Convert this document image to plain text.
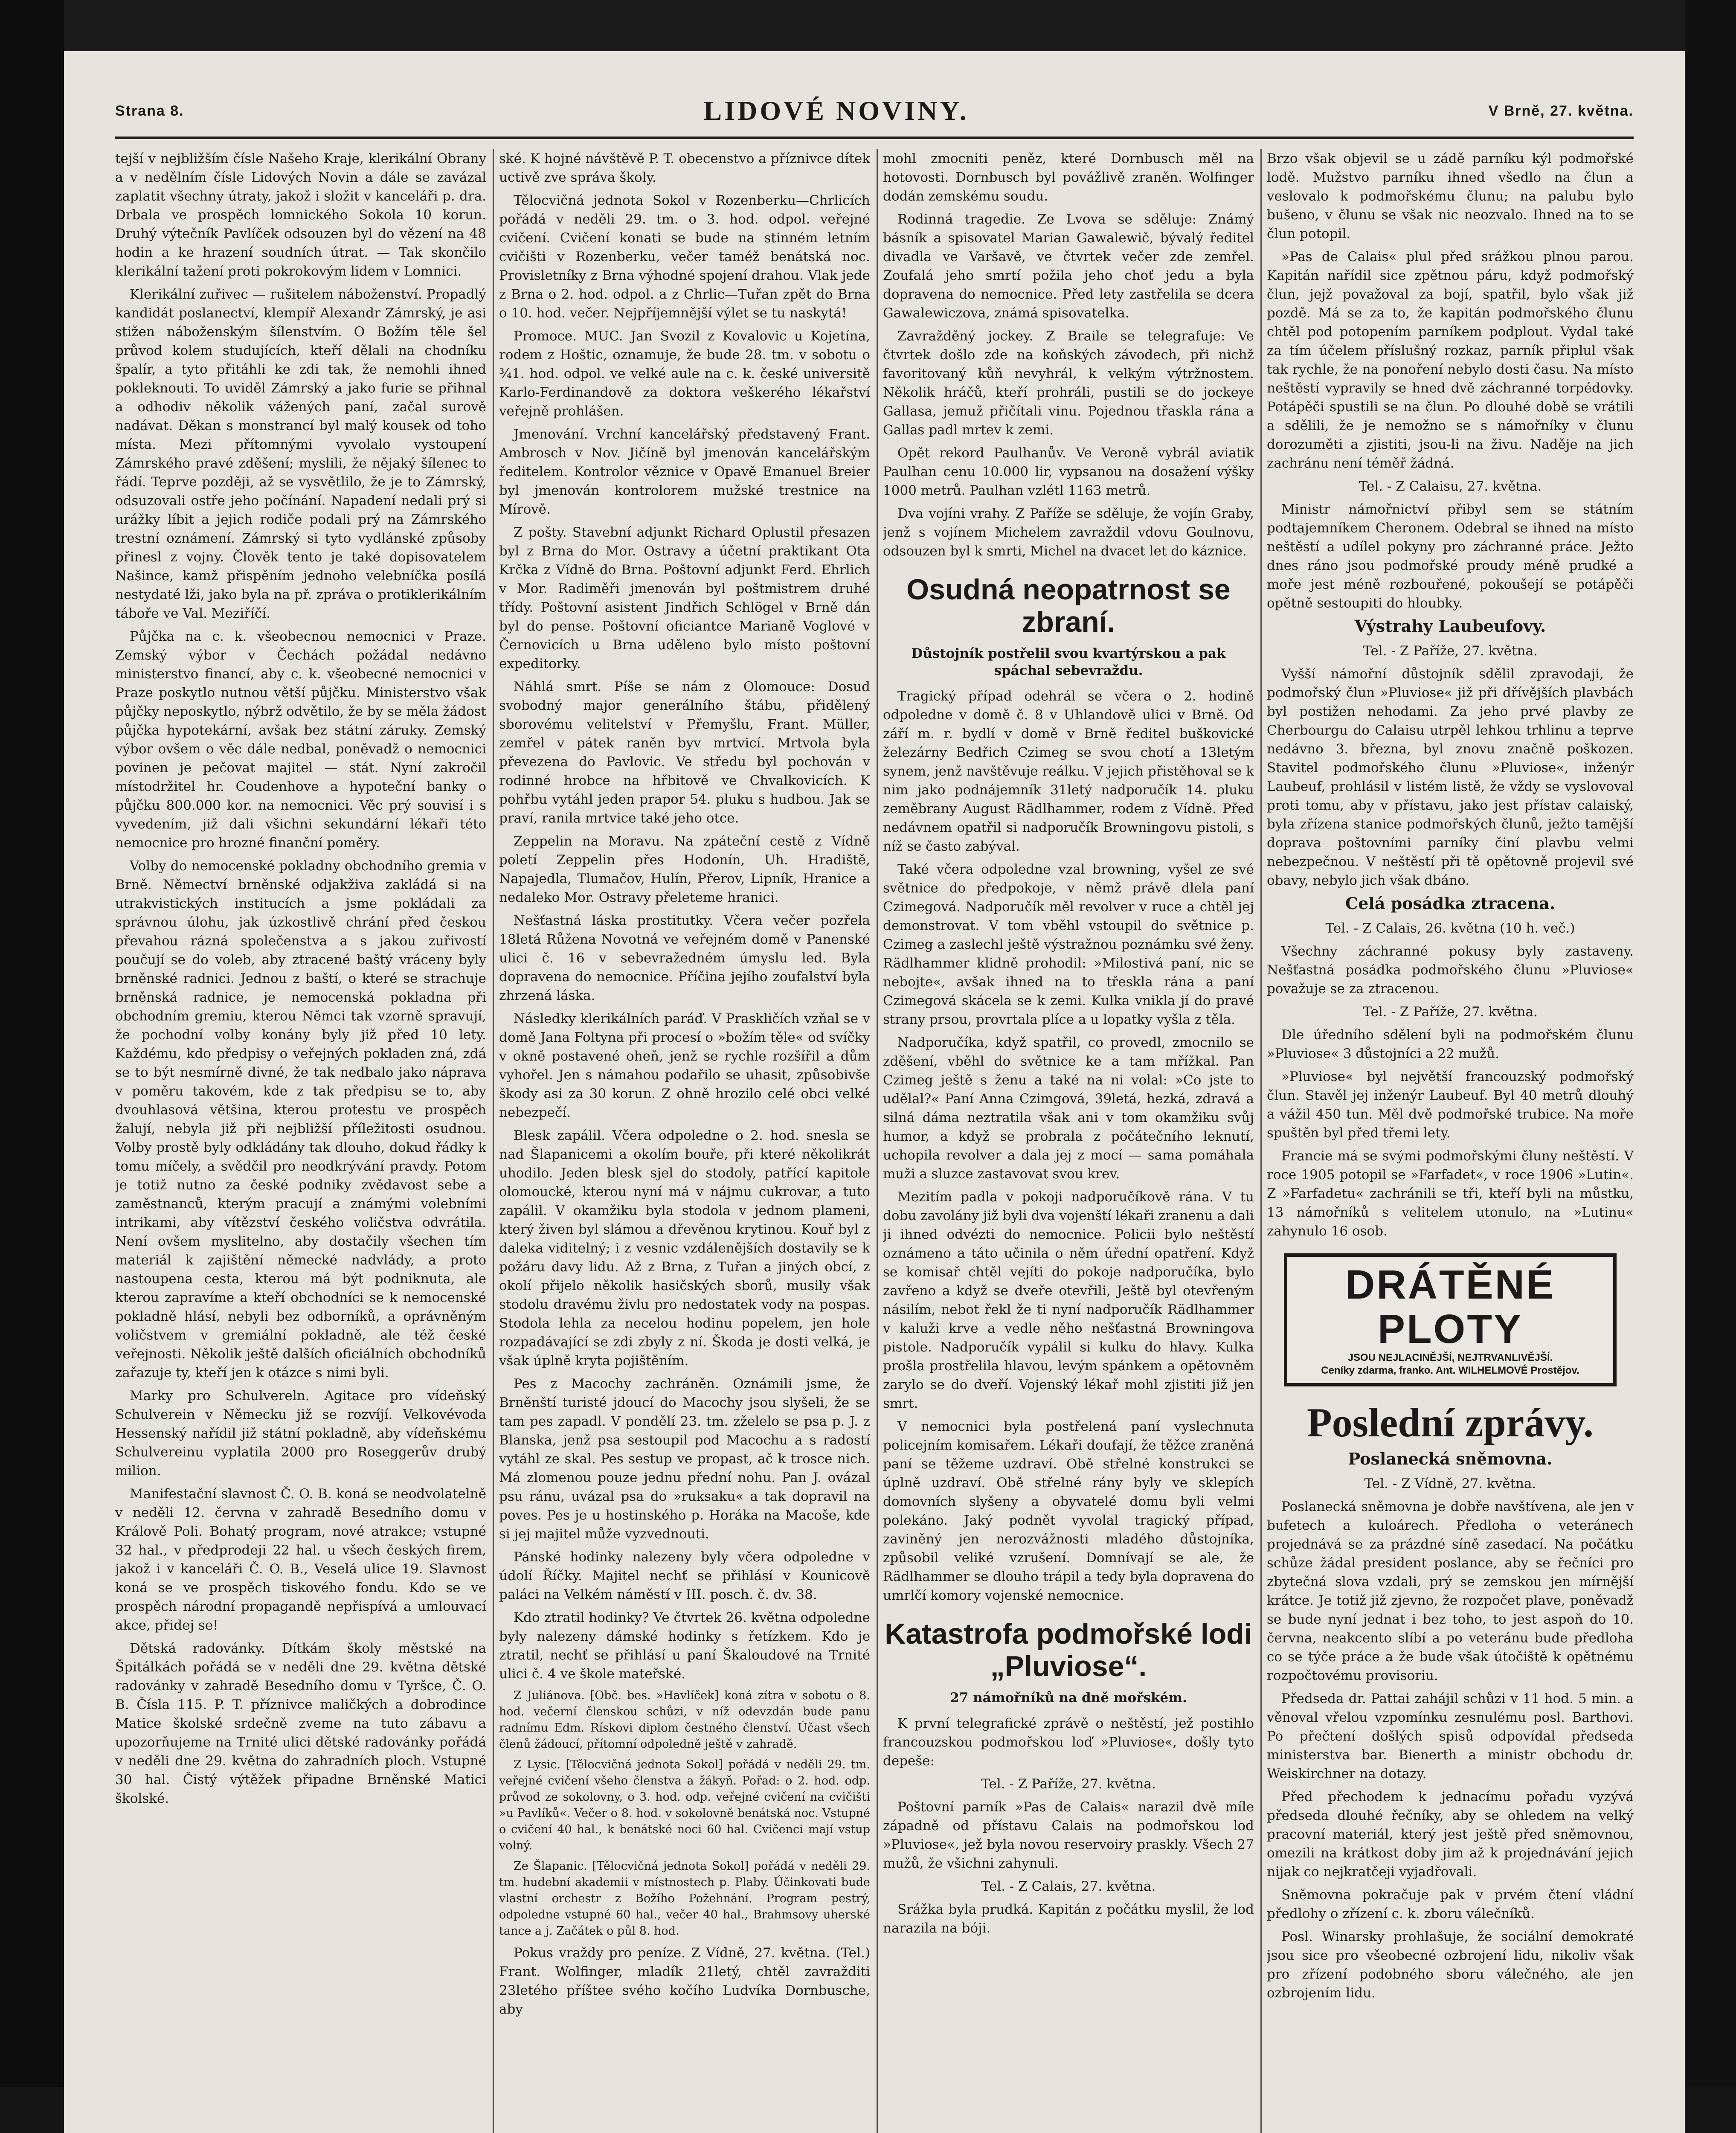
Strana 8.	LIDOVÉ NOVINY.	V Brně, 27. května.

tejší v nejbližším čísle Našeho Kraje, klerikální Obrany a v nedělním čísle Lidových Novin a dále se zavázal zaplatit všechny útraty, jakož i složit v kanceláři p. dra. Drbala ve prospěch lomnického Sokola 10 korun. Druhý výtečník Pavlíček odsouzen byl do vězení na 48 hodin a ke hrazení soudních útrat. — Tak skončilo klerikální tažení proti pokrokovým lidem v Lomnici.

Klerikální zuřivec — rušitelem náboženství. Propadlý kandidát poslanectví, klempíř Alexandr Zámrský, je asi stižen náboženským šílenstvím. O Božím těle šel průvod kolem studujících, kteří dělali na chodníku špalír, a tyto přitáhli ke zdi tak, že nemohli ihned pokleknouti. To uviděl Zámrský a jako furie se přihnal a odhodiv několik vážených paní, začal surově nadávat. Děkan s monstrancí byl malý kousek od toho místa. Mezi přítomnými vyvolalo vystoupení Zámrského pravé zděšení; myslili, že nějaký šílenec to řádí. Teprve později, až se vysvětlilo, že je to Zámrský, odsuzovali ostře jeho počínání. Napadení nedali prý si urážky líbit a jejich rodiče podali prý na Zámrského trestní oznámení. Zámrský si tyto vydlánské způsoby přinesl z vojny. Člověk tento je také dopisovatelem Našince, kamž přispěním jednoho velebníčka posílá nestydaté lži, jako byla na př. zpráva o protiklerikálním táboře ve Val. Meziříčí.

Půjčka na c. k. všeobecnou nemocnici v Praze. Zemský výbor v Čechách požádal nedávno ministerstvo financí, aby c. k. všeobecné nemocnici v Praze poskytlo nutnou větší půjčku. Ministerstvo však půjčky neposkytlo, nýbrž odvětilo, že by se měla žádost půjčka hypotekární, avšak bez státní záruky. Zemský výbor ovšem o věc dále nedbal, poněvadž o nemocnici povinen je pečovat majitel — stát. Nyní zakročil místodržitel hr. Coudenhove a hypoteční banky o půjčku 800.000 kor. na nemocnici. Věc prý souvisí i s vyvedením, již dali všichni sekundární lékaři této nemocnice pro hrozné finanční poměry.

Volby do nemocenské pokladny obchodního gremia v Brně. Němectví brněnské odjakživa zakládá si na utrakvistických institucích a jsme pokládali za správnou úlohu, jak úzkostlivě chrání před českou převahou rázná společenstva a s jakou zuřivostí poučují se do voleb, aby ztracené baštý vráceny byly brněnské radnici. Jednou z baští, o které se strachuje brněnská radnice, je nemocenská pokladna při obchodním gremiu, kterou Němci tak vzorně spravují, že pochodní volby konány byly již před 10 lety. Každému, kdo předpisy o veřejných pokladen zná, zdá se to být nesmírně divné, že tak nedbalo jako náprava v poměru takovém, kde z tak předpisu se to, aby dvouhlasová většina, kterou protestu ve prospěch žalují, nebyla již při nejbližší příležitosti osudnou. Volby prostě byly odkládány tak dlouho, dokud řádky k tomu míčely, a svědčil pro neodkrývání pravdy. Potom je totiž nutno za české podniky zvědavost sebe a zaměstnanců, kterým pracují a známými volebními intrikami, aby vítězství českého voličstva odvrátila. Není ovšem myslitelno, aby dostačily všechen tím materiál k zajištění německé nadvlády, a proto nastoupena cesta, kterou má být podniknuta, ale kterou zapravíme a kteří obchodníci se k nemocenské pokladně hlásí, nebyli bez odborníků, a oprávněným voličstvem v gremiální pokladně, ale též české veřejnosti. Několik ještě dalších oficiálních obchodníků zařazuje ty, kteří jen k otázce s nimi byli.

Marky pro Schulvereln. Agitace pro vídeňský Schulverein v Německu již se rozvíjí. Velkovévoda Hessenský nařídil již státní pokladně, aby vídeňskému Schulvereinu vyplatila 2000 pro Roseggerův drubý milion.

Manifestační slavnost Č. O. B. koná se neodvolatelně v neděli 12. června v zahradě Besedního domu v Králově Poli. Bohatý program, nové atrakce; vstupné 32 hal., v předprodeji 22 hal. u všech českých firem, jakož i v kanceláři Č. O. B., Veselá ulice 19. Slavnost koná se ve prospěch tiskového fondu. Kdo se ve prospěch národní propagandě nepřispívá a umlouvací akce, přidej se!

Dětská radovánky. Dítkám školy městské na Špitálkách pořádá se v neděli dne 29. května dětské radovánky v zahradě Besedního domu v Tyršce, Č. O. B. Čísla 115. P. T. příznivce maličkých a dobrodince Matice školské srdečně zveme na tuto zábavu a upozorňujeme na Trnité ulici dětské radovánky pořádá v neděli dne 29. května do zahradních ploch. Vstupné 30 hal. Čistý výtěžek připadne Brněnské Matici školské.

ské. K hojné návštěvě P. T. obecenstvo a příznivce dítek uctivě zve správa školy.

Tělocvičná jednota Sokol v Rozenberku—Chrlicích pořádá v neděli 29. tm. o 3. hod. odpol. veřejné cvičení. Cvičení konati se bude na stinném letním cvičišti v Rozenberku, večer taméž benátská noc. Provisletníky z Brna výhodné spojení drahou. Vlak jede z Brna o 2. hod. odpol. a z Chrlic—Tuřan zpět do Brna o 10. hod. večer. Nejpříjemnější výlet se tu naskytá!

Promoce. MUC. Jan Svozil z Kovalovic u Kojetína, rodem z Hoštic, oznamuje, že bude 28. tm. v sobotu o ¾1. hod. odpol. ve velké aule na c. k. české universitě Karlo-Ferdinandově za doktora veškerého lékařství veřejně prohlášen.

Jmenování. Vrchní kancelářský představený Frant. Ambrosch v Nov. Jičíně byl jmenován kancelářským ředitelem. Kontrolor věznice v Opavě Emanuel Breier byl jmenován kontrolorem mužské trestnice na Mírově.

Z pošty. Stavební adjunkt Richard Oplustil přesazen byl z Brna do Mor. Ostravy a účetní praktikant Ota Krčka z Vídně do Brna. Poštovní adjunkt Ferd. Ehrlich v Mor. Radiměři jmenován byl poštmistrem druhé třídy. Poštovní asistent Jindřich Schlögel v Brně dán byl do pense. Poštovní oficiantce Marianě Voglové v Černovicích u Brna uděleno bylo místo poštovní expeditorky.

Náhlá smrt. Píše se nám z Olomouce: Dosud svobodný major generálního štábu, přidělený sborovému velitelství v Přemyšlu, Frant. Müller, zemřel v pátek raněn byv mrtvicí. Mrtvola byla převezena do Pavlovic. Ve středu byl pochován v rodinné hrobce na hřbitově ve Chvalkovicích. K pohřbu vytáhl jeden prapor 54. pluku s hudbou. Jak se praví, ranila mrtvice také jeho otce.

Zeppelin na Moravu. Na zpáteční cestě z Vídně poletí Zeppelin přes Hodonín, Uh. Hradiště, Napajedla, Tlumačov, Hulín, Přerov, Lipník, Hranice a nedaleko Mor. Ostravy přeleteme hranici.

Nešťastná láska prostitutky. Včera večer pozřela 18letá Růžena Novotná ve veřejném domě v Panenské ulici č. 16 v sebevražedném úmyslu led. Byla dopravena do nemocnice. Příčina jejího zoufalství byla zhrzená láska.

Následky klerikálních paráď. V Praskličích vzňal se v domě Jana Foltyna při procesí o »božím těle« od svíčky v okně postavené oheň, jenž se rychle rozšířil a dům vyhořel. Jen s námahou podařilo se uhasit, způsobivše škody asi za 30 korun. Z ohně hrozilo celé obci velké nebezpečí.

Blesk zapálil. Včera odpoledne o 2. hod. snesla se nad Šlapanicemi a okolím bouře, při které několikrát uhodilo. Jeden blesk sjel do stodoly, patřící kapitole olomoucké, kterou nyní má v nájmu cukrovar, a tuto zapálil. V okamžiku byla stodola v jednom plameni, který živen byl slámou a dřevěnou krytinou. Kouř byl z daleka viditelný; i z vesnic vzdálenějších dostavily se k požáru davy lidu. Až z Brna, z Tuřan a jiných obcí, z okolí přijelo několik hasičských sborů, musily však stodolu dravému živlu pro nedostatek vody na pospas. Stodola lehla za necelou hodinu popelem, jen hole rozpadávající se zdi zbyly z ní. Škoda je dosti velká, je však úplně kryta pojištěním.

Pes z Macochy zachráněn. Oznámili jsme, že Brněnští turisté jdoucí do Macochy jsou slyšeli, že se tam pes zapadl. V pondělí 23. tm. zželelo se psa p. J. z Blanska, jenž psa sestoupil pod Macochu a s radostí vytáhl ze skal. Pes sestup ve propast, ač k trosce nich. Má zlomenou pouze jednu přední nohu. Pan J. ovázal psu ránu, uvázal psa do »ruksaku« a tak dopravil na poves. Pes je u hostinského p. Horáka na Macoše, kde si jej majitel může vyzvednouti.

Pánské hodinky nalezeny byly včera odpoledne v údolí Říčky. Majitel nechť se přihlásí v Kounicově paláci na Velkém náměstí v III. posch. č. dv. 38.

Kdo ztratil hodinky? Ve čtvrtek 26. května odpoledne byly nalezeny dámské hodinky s řetízkem. Kdo je ztratil, nechť se přihlásí u paní Škaloudové na Trnité ulici č. 4 ve škole mateřské.

Z Juliánova. [Obč. bes. »Havlíček] koná zítra v sobotu o 8. hod. večerní členskou schůzi, v níž odevzdán bude panu radnímu Edm. Rískovi diplom čestného členství. Účast všech členů žádoucí, přítomní odpoledně ještě v zahradě.

Z Lysic. [Tělocvičná jednota Sokol] pořádá v neděli 29. tm. veřejné cvičení všeho členstva a žákyň. Pořad: o 2. hod. odp. průvod ze sokolovny, o 3. hod. odp. veřejné cvičení na cvičišti »u Pavlíků«. Večer o 8. hod. v sokolovně benátská noc. Vstupné o cvičení 40 hal., k benátské noci 60 hal. Cvičenci mají vstup volný.

Ze Šlapanic. [Tělocvičná jednota Sokol] pořádá v neděli 29. tm. hudební akademii v místnostech p. Plaby. Účinkovati bude vlastní orchestr z Božího Požehnání. Program pestrý, odpoledne vstupné 60 hal., večer 40 hal., Brahmsovy uherské tance a j. Začátek o půl 8. hod.

Pokus vraždy pro peníze. Z Vídně, 27. května. (Tel.) Frant. Wolfinger, mladík 21letý, chtěl zavražditi 23letého příštee svého kočího Ludvíka Dornbusche, aby

mohl zmocniti peněz, které Dornbusch měl na hotovosti. Dornbusch byl povážlivě zraněn. Wolfinger dodán zemskému soudu.

Rodinná tragedie. Ze Lvova se sděluje: Známý básník a spisovatel Marian Gawalewič, bývalý ředitel divadla ve Varšavě, ve čtvrtek večer zde zemřel. Zoufalá jeho smrtí požila jeho choť jedu a byla dopravena do nemocnice. Před lety zastřelila se dcera Gawalewiczova, známá spisovatelka.

Zavražděný jockey. Z Braile se telegrafuje: Ve čtvrtek došlo zde na koňských závodech, při nichž favoritovaný kůň nevyhrál, k velkým výtržnostem. Několik hráčů, kteří prohráli, pustili se do jockeye Gallasa, jemuž přičítali vinu. Pojednou třaskla rána a Gallas padl mrtev k zemi.

Opět rekord Paulhanův. Ve Veroně vybrál aviatik Paulhan cenu 10.000 lir, vypsanou na dosažení výšky 1000 metrů. Paulhan vzlétl 1163 metrů.

Dva vojíni vrahy. Z Paříže se sděluje, že vojín Graby, jenž s vojínem Michelem zavraždil vdovu Goulnovu, odsouzen byl k smrti, Michel na dvacet let do káznice.

Osudná neopatrnost se zbraní.
Důstojník postřelil svou kvartýrskou a pak spáchal sebevraždu.

Tragický případ odehrál se včera o 2. hodině odpoledne v domě č. 8 v Uhlandově ulici v Brně. Od září m. r. bydlí v domě v Brně ředitel buškovické železárny Bedřich Czimeg se svou chotí a 13letým synem, jenž navštěvuje reálku. V jejich přistěhoval se k nim jako podnájemník 31letý nadporučík 14. pluku zeměbrany August Rädlhammer, rodem z Vídně. Před nedávnem opatřil si nadporučík Browningovu pistoli, s níž se často zabýval.

Také včera odpoledne vzal browning, vyšel ze své světnice do předpokoje, v němž právě dlela paní Czimegová. Nadporučík měl revolver v ruce a chtěl jej demonstrovat. V tom vběhl vstoupil do světnice p. Czimeg a zaslechl ještě výstražnou poznámku své ženy. Rädlhammer klidně prohodil: »Milostivá paní, nic se nebojte«, avšak ihned na to třeskla rána a paní Czimegová skácela se k zemi. Kulka vnikla jí do pravé strany prsou, provrtala plíce a u lopatky vyšla z těla.

Nadporučíka, když spatřil, co provedl, zmocnilo se zděšení, vběhl do světnice ke a tam mřížkal. Pan Czimeg ještě s ženu a také na ni volal: »Co jste to udělal?« Paní Anna Czimgová, 39letá, hezká, zdravá a silná dáma neztratila však ani v tom okamžiku svůj humor, a když se probrala z počátečního leknutí, uchopila revolver a dala jej z mocí — sama pomáhala muži a sluzce zastavovat svou krev.

Mezitím padla v pokoji nadporučíkově rána. V tu dobu zavolány již byli dva vojenští lékaři zranenu a dali ji ihned odvézti do nemocnice. Policii bylo neštěstí oznámeno a táto učinila o něm úřední opatření. Když se komisař chtěl vejíti do pokoje nadporučíka, bylo zavřeno a když se dveře otevřili, Ještě byl otevřeným násilím, nebot řekl že ti nyní nadporučík Rädlhammer v kaluži krve a vedle něho nešťastná Browningova pistole. Nadporučík vypálil si kulku do hlavy. Kulka prošla prostřelila hlavou, levým spánkem a opětovněm zarylo se do dveří. Vojenský lékař mohl zjistiti již jen smrt.

V nemocnici byla postřelená paní vyslechnuta policejním komisařem. Lékaři doufají, že těžce zraněná paní se těžeme uzdraví. Obě střelné konstrukci se úplně uzdraví. Obě střelné rány byly ve sklepích domovních slyšeny a obyvatelé domu byli velmi polekáno. Jaký podnět vyvolal tragický případ, zaviněný jen nerozvážnosti mladého důstojníka, způsobil veliké vzrušení. Domnívají se ale, že Rädlhammer se dlouho trápil a tedy byla dopravena do umrlčí komory vojenské nemocnice.

Katastrofa podmořské lodi „Pluviose“.
27 námořníků na dně mořském.

K první telegrafické zprávě o neštěstí, jež postihlo francouzskou podmořskou loď »Pluviose«, došly tyto depeše:

Tel. - Z Paříže, 27. května.

Poštovní parník »Pas de Calais« narazil dvě míle západně od přístavu Calais na podmořskou loď »Pluviose«, jež byla novou reservoiry praskly. Všech 27 mužů, že všichni zahynuli.

Tel. - Z Calais, 27. května.

Srážka byla prudká. Kapitán z počátku myslil, že loď narazila na bóji.

Brzo však objevil se u zádě parníku kýl podmořské lodě. Mužstvo parníku ihned všedlo na člun a veslovalo k podmořskému člunu; na palubu bylo bušeno, v člunu se však nic neozvalo. Ihned na to se člun potopil.

»Pas de Calais« plul před srážkou plnou parou. Kapitán nařídil sice zpětnou páru, když podmořský člun, jejž považoval za bojí, spatřil, bylo však již pozdě. Má se za to, že kapitán podmořského člunu chtěl pod potopením parníkem podplout. Vydal také za tím účelem příslušný rozkaz, parník připlul však tak rychle, že na ponoření nebylo dosti času. Na místo neštěstí vypravily se hned dvě záchranné torpédovky. Potápěči spustili se na člun. Po dlouhé době se vrátili a sdělili, že je nemožno se s námořníky v člunu dorozuměti a zjistiti, jsou-li na živu. Naděje na jich zachránu není téměř žádná.

Tel. - Z Calaisu, 27. května.

Ministr námořnictví přibyl sem se státním podtajemníkem Cheronem. Odebral se ihned na místo neštěstí a udílel pokyny pro záchranné práce. Ježto dnes ráno jsou podmořské proudy méně prudké a moře jest méně rozbouřené, pokoušejí se potápěči opětně sestoupiti do hloubky.

Výstrahy Laubeufovy.

Tel. - Z Paříže, 27. května.

Vyšší námořní důstojník sdělil zpravodaji, že podmořský člun »Pluviose« již při dřívějších plavbách byl postižen nehodami. Za jeho prvé plavby ze Cherbourgu do Calaisu utrpěl lehkou trhlinu a teprve nedávno 3. března, byl znovu značně poškozen. Stavitel podmořského člunu »Pluviose«, inženýr Laubeuf, prohlásil v listém listě, že vždy se vyslovoval proti tomu, aby v přístavu, jako jest přístav calaiský, byla zřízena stanice podmořských člunů, ježto tamější doprava poštovními parníky činí plavbu velmi nebezpečnou. V neštěstí při tě opětovně projevil své obavy, nebylo jich však dbáno.

Celá posádka ztracena.

Tel. - Z Calais, 26. května (10 h. več.)

Všechny záchranné pokusy byly zastaveny. Nešťastná posádka podmořského člunu »Pluviose« považuje se za ztracenou.

Tel. - Z Paříže, 27. května.

Dle úředního sdělení byli na podmořském člunu »Pluviose« 3 důstojníci a 22 mužů.

»Pluviose« byl největší francouzský podmořský člun. Stavěl jej inženýr Laubeuf. Byl 40 metrů dlouhý a vážil 450 tun. Měl dvě podmořské trubice. Na moře spuštěn byl před třemi lety.

Francie má se svými podmořskými čluny neštěstí. V roce 1905 potopil se »Farfadet«, v roce 1906 »Lutin«. Z »Farfadetu« zachránili se tři, kteří byli na můstku, 13 námořníků s velitelem utonulo, na »Lutinu« zahynulo 16 osob.

DRÁTĚNÉ PLOTY
JSOU NEJLACINĚJŠÍ, NEJTRVANLIVĚJŠÍ.
Ceníky zdarma, franko. Ant. WILHELMOVÉ Prostějov.
Poslední zprávy.
Poslanecká sněmovna.

Tel. - Z Vídně, 27. května.

Poslanecká sněmovna je dobře navštívena, ale jen v bufetech a kuloárech. Předloha o veteránech projednává se za prázdné síně zasedací. Na počátku schůze žádal president poslance, aby se řečníci pro zbytečná slova vzdali, prý se zemskou jen mírnější krátce. Je totiž již zjevno, že rozpočet plave, poněvadž se bude nyní jednat i bez toho, to jest aspoň do 10. června, neakcento slíbí a po veteránu bude předloha co se týče práce a že bude však útočiště k opětnému rozpočtovému provisoriu.

Předseda dr. Pattai zahájil schůzi v 11 hod. 5 min. a věnoval vřelou vzpomínku zesnulému posl. Barthovi. Po přečtení došlých spisů odpovídal předseda ministerstva bar. Bienerth a ministr obchodu dr. Weiskirchner na dotazy.

Před přechodem k jednacímu pořadu vyzývá předseda dlouhé řečníky, aby se ohledem na velký pracovní materiál, který jest ještě před sněmovnou, omezili na krátkost doby jim až k projednávání jejich nijak co nejkratčeji vyjadřovali.

Sněmovna pokračuje pak v prvém čtení vládní předlohy o zřízení c. k. zboru válečníků.

Posl. Winarsky prohlašuje, že sociální demokraté jsou sice pro všeobecné ozbrojení lidu, nikoliv však pro zřízení podobného sboru válečného, ale jen ozbrojením lidu.
